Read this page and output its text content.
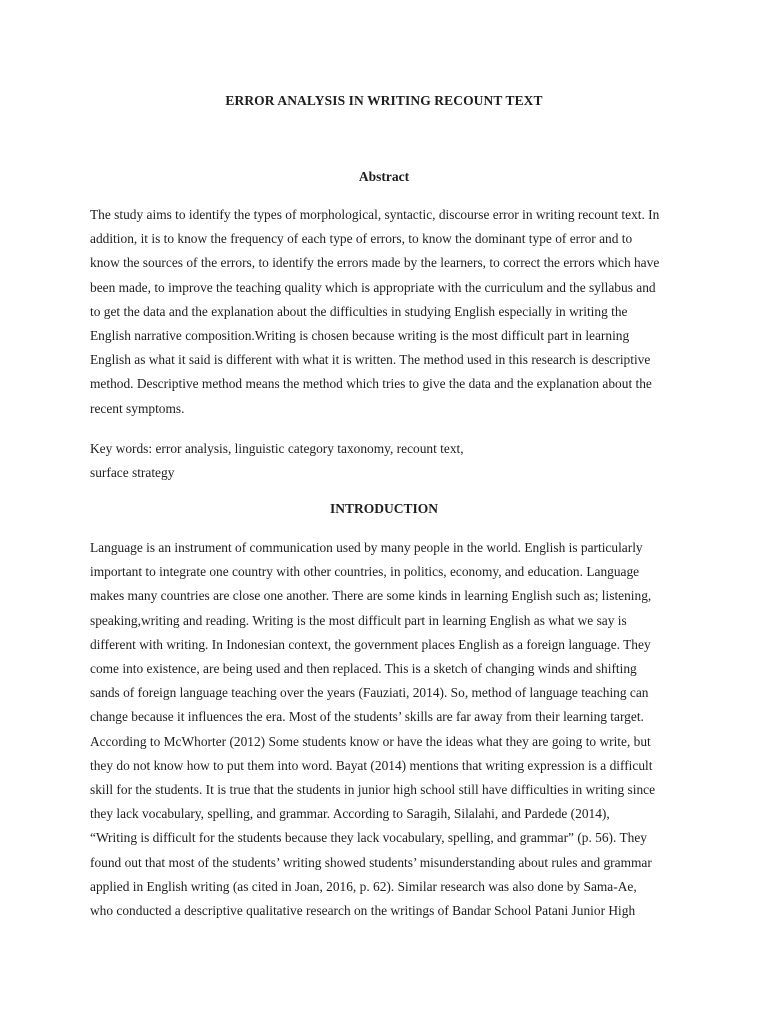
ERROR ANALYSIS IN WRITING RECOUNT TEXT
Abstract
The study aims to identify the types of morphological, syntactic, discourse error in writing recount text. In
addition, it is to know the frequency of each type of errors, to know the dominant type of error and to
know the sources of the errors, to identify the errors made by the learners, to correct the errors which have
been made, to improve the teaching quality which is appropriate with the curriculum and the syllabus and
to get the data and the explanation about the difficulties in studying English especially in writing the
English narrative composition.Writing is chosen because writing is the most difficult part in learning
English as what it said is different with what it is written. The method used in this research is descriptive
method. Descriptive method means the method which tries to give the data and the explanation about the
recent symptoms.
Key words: error analysis, linguistic category taxonomy, recount text,
surface strategy
INTRODUCTION
Language is an instrument of communication used by many people in the world. English is particularly
important to integrate one country with other countries, in politics, economy, and education. Language
makes many countries are close one another. There are some kinds in learning English such as; listening,
speaking,writing and reading. Writing is the most difficult part in learning English as what we say is
different with writing. In Indonesian context, the government places English as a foreign language. They
come into existence, are being used and then replaced. This is a sketch of changing winds and shifting
sands of foreign language teaching over the years (Fauziati, 2014). So, method of language teaching can
change because it influences the era. Most of the students’ skills are far away from their learning target.
According to McWhorter (2012) Some students know or have the ideas what they are going to write, but
they do not know how to put them into word. Bayat (2014) mentions that writing expression is a difficult
skill for the students. It is true that the students in junior high school still have difficulties in writing since
they lack vocabulary, spelling, and grammar. According to Saragih, Silalahi, and Pardede (2014),
“Writing is difficult for the students because they lack vocabulary, spelling, and grammar” (p. 56). They
found out that most of the students’ writing showed students’ misunderstanding about rules and grammar
applied in English writing (as cited in Joan, 2016, p. 62). Similar research was also done by Sama-Ae,
who conducted a descriptive qualitative research on the writings of Bandar School Patani Junior High
